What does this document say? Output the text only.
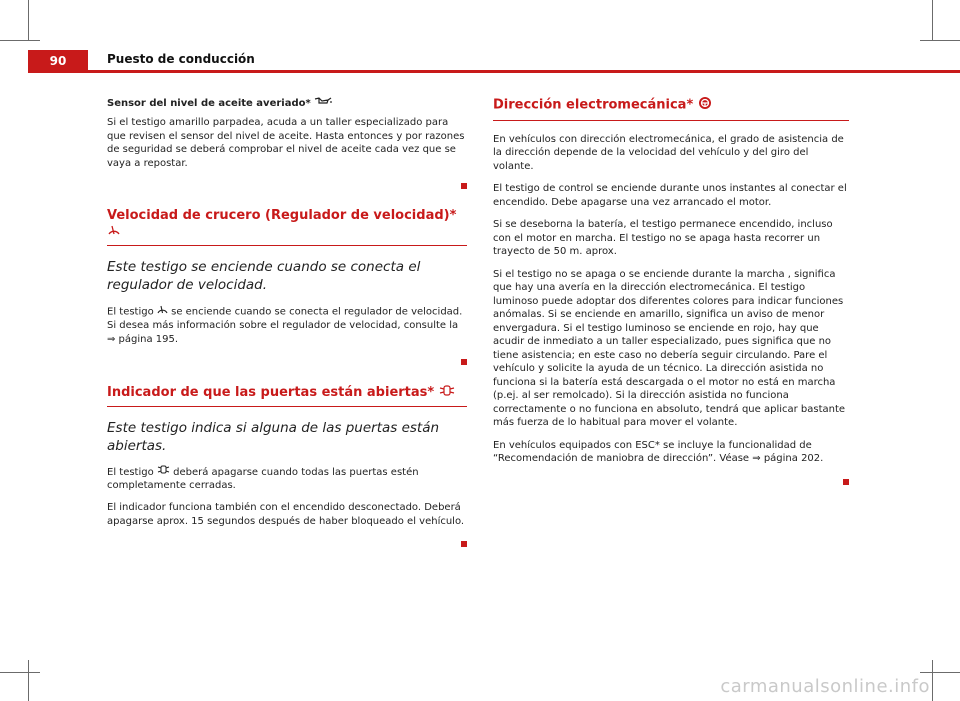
90	Puesto de conducción
Sensor del nivel de aceite averiado*

Si el testigo amarillo parpadea, acuda a un taller especializado para que revisen el sensor del nivel de aceite. Hasta entonces y por razones de seguridad se deberá comprobar el nivel de aceite cada vez que se vaya a repostar.

Velocidad de crucero (Regulador de velocidad)*

Este testigo se enciende cuando se conecta el regulador de velocidad.

El testigo se enciende cuando se conecta el regulador de velocidad. Si desea más información sobre el regulador de velocidad, consulte la ⇒ página 195.

Indicador de que las puertas están abiertas*

Este testigo indica si alguna de las puertas están abiertas.

El testigo deberá apagarse cuando todas las puertas estén completamente cerradas.

El indicador funciona también con el encendido desconectado. Deberá apagarse aprox. 15 segundos después de haber bloqueado el vehículo.

Dirección electromecánica*

En vehículos con dirección electromecánica, el grado de asistencia de la dirección depende de la velocidad del vehículo y del giro del volante.

El testigo de control se enciende durante unos instantes al conectar el encendido. Debe apagarse una vez arrancado el motor.

Si se deseborna la batería, el testigo permanece encendido, incluso con el motor en marcha. El testigo no se apaga hasta recorrer un trayecto de 50 m. aprox.

Si el testigo no se apaga o se enciende durante la marcha , significa que hay una avería en la dirección electromecánica. El testigo luminoso puede adoptar dos diferentes colores para indicar funciones anómalas. Si se enciende en amarillo, significa un aviso de menor envergadura. Si el testigo luminoso se enciende en rojo, hay que acudir de inmediato a un taller especializado, pues significa que no tiene asistencia; en este caso no debería seguir circulando. Pare el vehículo y solicite la ayuda de un técnico. La dirección asistida no funciona si la batería está descargada o el motor no está en marcha (p.ej. al ser remolcado). Si la dirección asistida no funciona correctamente o no funciona en absoluto, tendrá que aplicar bastante más fuerza de lo habitual para mover el volante.

En vehículos equipados con ESC* se incluye la funcionalidad de “Recomendación de maniobra de dirección”. Véase ⇒ página 202.

carmanualsonline.info
